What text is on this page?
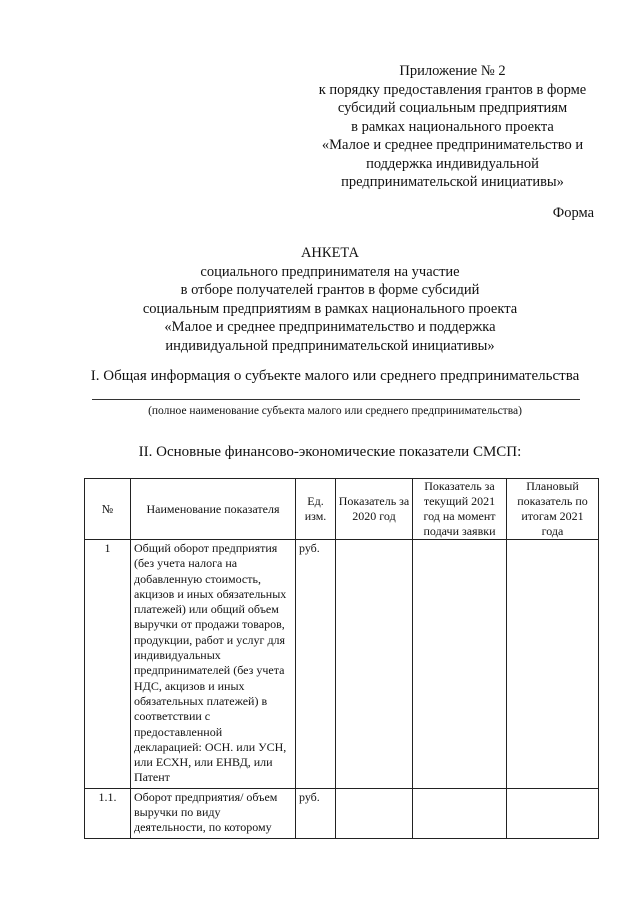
Приложение № 2
к порядку предоставления грантов в форме
субсидий социальным предприятиям
в рамках национального проекта
«Малое и среднее предпринимательство и
поддержка индивидуальной
предпринимательской инициативы»
Форма
АНКЕТА
социального предпринимателя на участие
в отборе получателей грантов в форме субсидий
социальным предприятиям в рамках национального проекта
«Малое и среднее предпринимательство и поддержка
индивидуальной предпринимательской инициативы»
I. Общая информация о субъекте малого или среднего предпринимательства
(полное наименование субъекта малого или среднего предпринимательства)
II. Основные финансово-экономические показатели СМСП:
№	Наименование показателя	Ед. изм.	Показатель за 2020 год	Показатель за текущий 2021 год на момент подачи заявки	Плановый показатель по итогам 2021 года
1	Общий оборот предприятия (без учета налога на добавленную стоимость, акцизов и иных обязательных платежей) или общий объем выручки от продажи товаров, продукции, работ и услуг для индивидуальных предпринимателей (без учета НДС, акцизов и иных обязательных платежей) в соответствии с предоставленной декларацией: ОСН. или УСН, или ЕСХН, или ЕНВД, или Патент	руб.			
1.1.	Оборот предприятия/ объем выручки по виду деятельности, по которому	руб.			
